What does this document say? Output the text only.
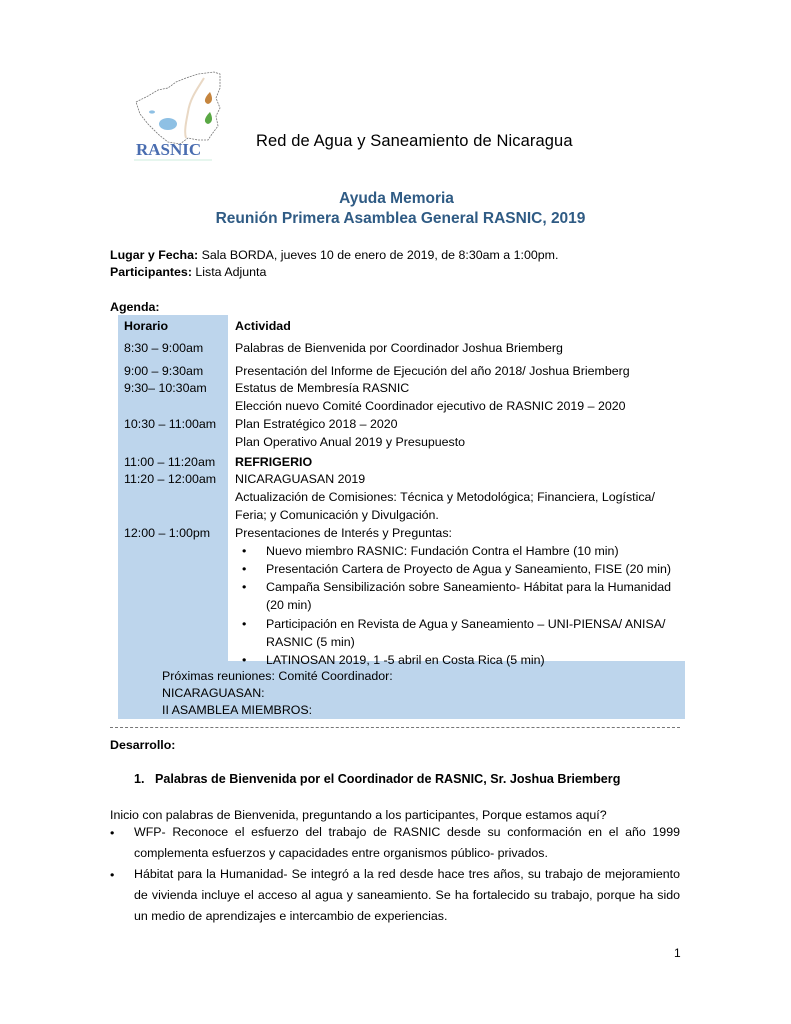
RASNIC	Red de Agua y Saneamiento de Nicaragua
Ayuda Memoria
Reunión Primera Asamblea General RASNIC, 2019
Lugar y Fecha: Sala BORDA, jueves 10 de enero de 2019, de 8:30am a 1:00pm.
Participantes: Lista Adjunta
Agenda:
Horario	Actividad
8:30 – 9:00am	Palabras de Bienvenida por Coordinador Joshua Briemberg
9:00 – 9:30am	Presentación del Informe de Ejecución del año 2018/ Joshua Briemberg
9:30– 10:30am Estatus de Membresía RASNIC
Elección nuevo Comité Coordinador ejecutivo de RASNIC 2019 – 2020
10:30 – 11:00am Plan Estratégico 2018 – 2020
Plan Operativo Anual 2019 y Presupuesto
11:00 – 11:20am REFRIGERIO
11:20 – 12:00am NICARAGUASAN 2019
Actualización de Comisiones: Técnica y Metodológica; Financiera, Logística/
Feria; y Comunicación y Divulgación.
12:00 – 1:00pm Presentaciones de Interés y Preguntas:
• Nuevo miembro RASNIC: Fundación Contra el Hambre (10 min)
• Presentación Cartera de Proyecto de Agua y Saneamiento, FISE (20 min)
• Campaña Sensibilización sobre Saneamiento- Hábitat para la Humanidad
(20 min)
• Participación en Revista de Agua y Saneamiento – UNI-PIENSA/ ANISA/
RASNIC (5 min)
• LATINOSAN 2019, 1 -5 abril en Costa Rica (5 min)
Próximas reuniones: Comité Coordinador:
NICARAGUASAN:
II ASAMBLEA MIEMBROS:
Desarrollo:
1. Palabras de Bienvenida por el Coordinador de RASNIC, Sr. Joshua Briemberg
Inicio con palabras de Bienvenida, preguntando a los participantes, Porque estamos aquí?
• WFP- Reconoce el esfuerzo del trabajo de RASNIC desde su conformación en el año 1999 complementa esfuerzos y capacidades entre organismos público- privados.
• Hábitat para la Humanidad- Se integró a la red desde hace tres años, su trabajo de mejoramiento de vivienda incluye el acceso al agua y saneamiento. Se ha fortalecido su trabajo, porque ha sido un medio de aprendizajes e intercambio de experiencias.
1
